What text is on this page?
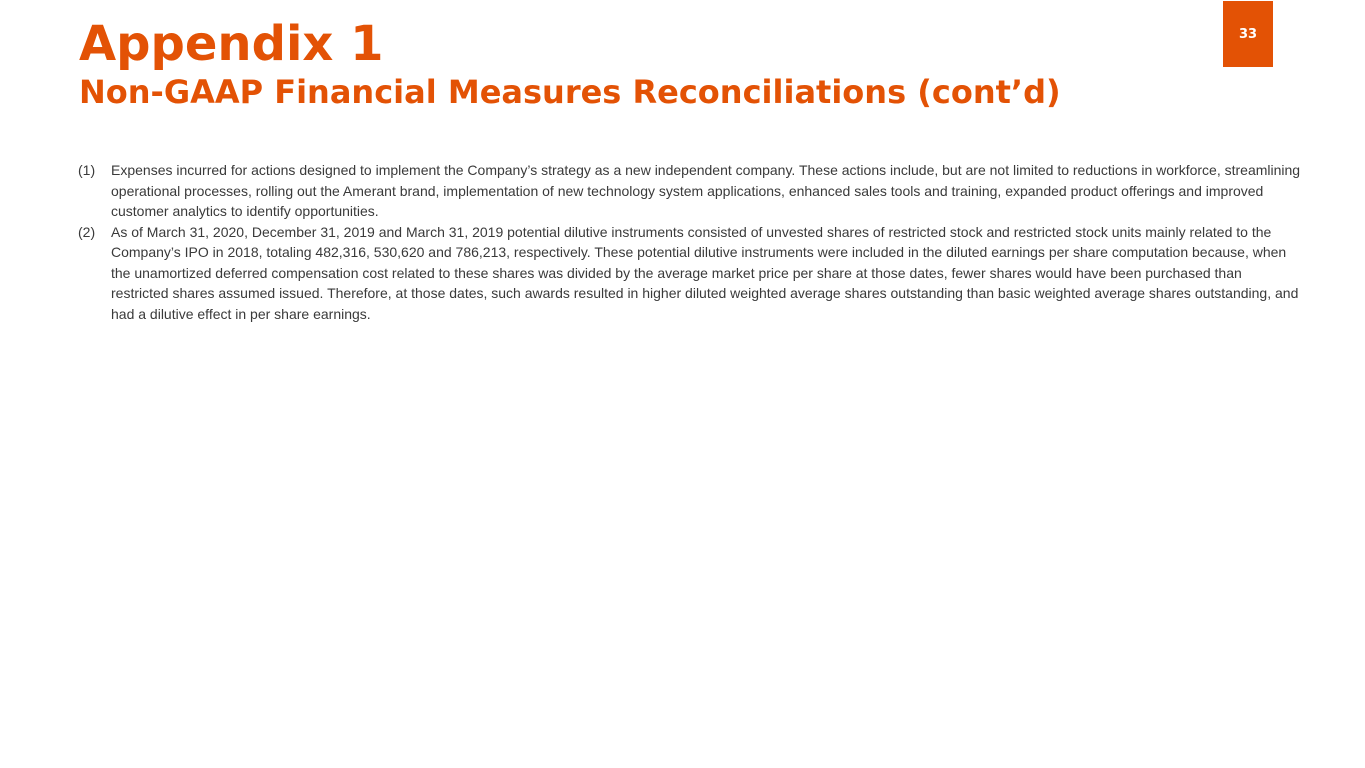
Appendix 1
Non-GAAP Financial Measures Reconciliations (cont’d)
33
(1)	Expenses incurred for actions designed to implement the Company’s strategy as a new independent company. These actions include, but are not limited to reductions in workforce, streamlining operational processes, rolling out the Amerant brand, implementation of new technology system applications, enhanced sales tools and training, expanded product offerings and improved customer analytics to identify opportunities.
(2)	As of March 31, 2020, December 31, 2019 and March 31, 2019 potential dilutive instruments consisted of unvested shares of restricted stock and restricted stock units mainly related to the Company’s IPO in 2018, totaling 482,316, 530,620 and 786,213, respectively. These potential dilutive instruments were included in the diluted earnings per share computation because, when the unamortized deferred compensation cost related to these shares was divided by the average market price per share at those dates, fewer shares would have been purchased than restricted shares assumed issued. Therefore, at those dates, such awards resulted in higher diluted weighted average shares outstanding than basic weighted average shares outstanding, and had a dilutive effect in per share earnings.
